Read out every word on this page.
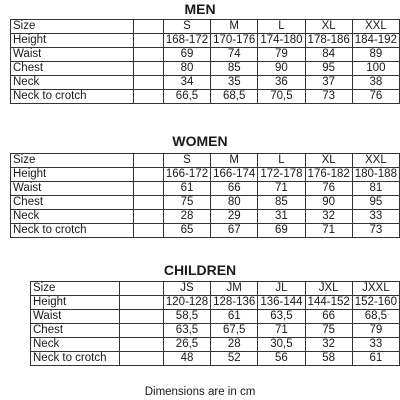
MEN
Size		S	M	L	XL	XXL
Height		168-172	170-176	174-180	178-186	184-192
Waist		69	74	79	84	89
Chest		80	85	90	95	100
Neck		34	35	36	37	38
Neck to crotch		66,5	68,5	70,5	73	76
WOMEN
Size		S	M	L	XL	XXL
Height		166-172	166-174	172-178	176-182	180-188
Waist		61	66	71	76	81
Chest		75	80	85	90	95
Neck		28	29	31	32	33
Neck to crotch		65	67	69	71	73
CHILDREN
Size		JS	JM	JL	JXL	JXXL
Height		120-128	128-136	136-144	144-152	152-160
Waist		58,5	61	63,5	66	68,5
Chest		63,5	67,5	71	75	79
Neck		26,5	28	30,5	32	33
Neck to crotch		48	52	56	58	61
Dimensions are in cm
